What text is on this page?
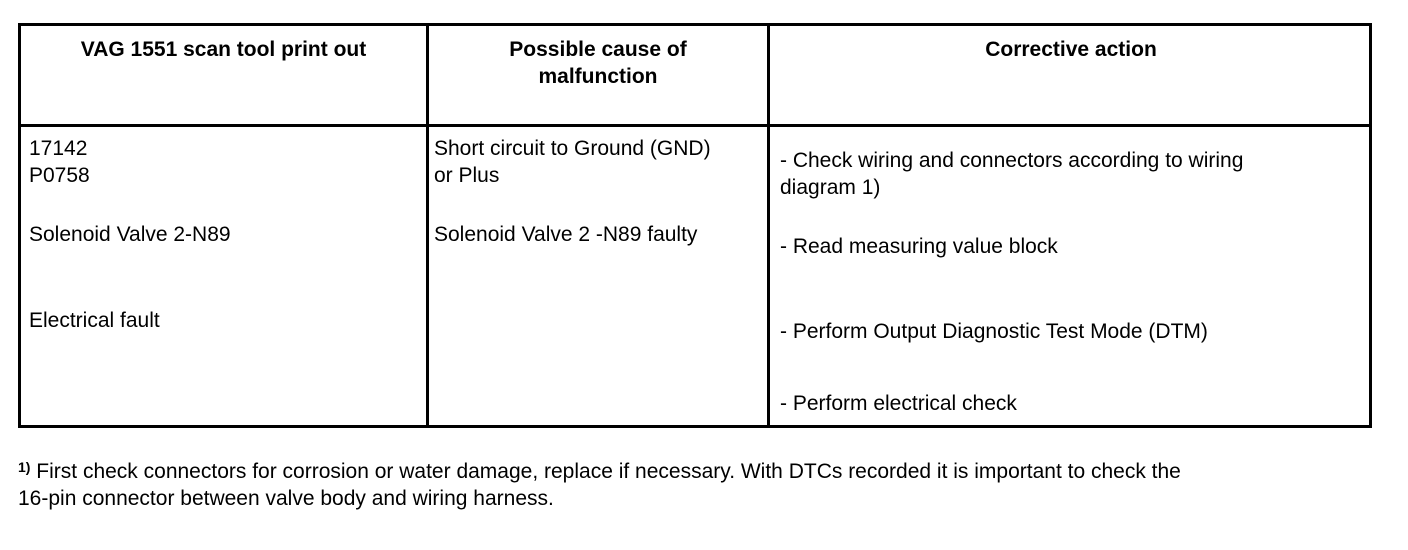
VAG 1551 scan tool print out	Possible cause of
malfunction
Corrective action
17142
P0758
Solenoid Valve 2-N89
Electrical fault
Short circuit to Ground (GND)
or Plus
Solenoid Valve 2 -N89 faulty
- Check wiring and connectors according to wiring
diagram 1)
- Read measuring value block
- Perform Output Diagnostic Test Mode (DTM)
- Perform electrical check
$^{1)}$ First check connectors for corrosion or water damage, replace if necessary. With DTCs recorded it is important to check the
16-pin connector between valve body and wiring harness.
